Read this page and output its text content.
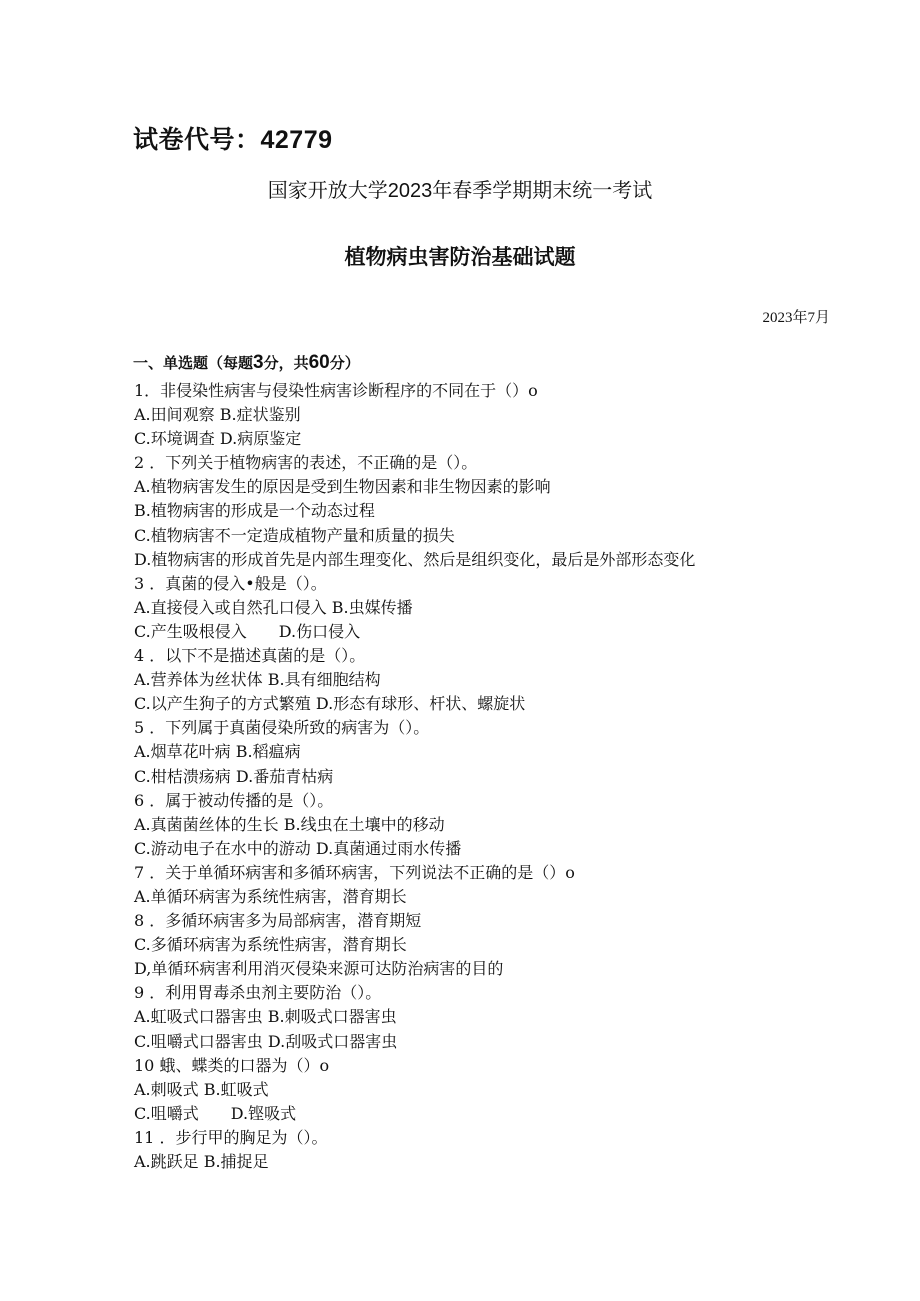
试卷代号：42779
国家开放大学2023年春季学期期末统一考试
植物病虫害防治基础试题
2023年7月
一、单选题（每题3分，共60分）
1．非侵染性病害与侵染性病害诊断程序的不同在于（）o
A.田间观察 B.症状鉴别
C.环境调查 D.病原鉴定
2 ．下列关于植物病害的表述，不正确的是（）。
A.植物病害发生的原因是受到生物因素和非生物因素的影响
B.植物病害的形成是一个动态过程
C.植物病害不一定造成植物产量和质量的损失
D.植物病害的形成首先是内部生理变化、然后是组织变化，最后是外部形态变化
3 ．真菌的侵入•般是（）。
A.直接侵入或自然孔口侵入 B.虫媒传播
C.产生吸根侵入　　D.伤口侵入
4 ．以下不是描述真菌的是（）。
A.营养体为丝状体 B.具有细胞结构
C.以产生狗子的方式繁殖 D.形态有球形、杆状、螺旋状
5 ．下列属于真菌侵染所致的病害为（）。
A.烟草花叶病 B.稻瘟病
C.柑桔溃疡病 D.番茄青枯病
6 ．属于被动传播的是（）。
A.真菌菌丝体的生长 B.线虫在土壤中的移动
C.游动电子在水中的游动 D.真菌通过雨水传播
7 ．关于单循环病害和多循环病害，下列说法不正确的是（）o
A.单循环病害为系统性病害，潜育期长
8 ．多循环病害多为局部病害，潜育期短
C.多循环病害为系统性病害，潜育期长
D,单循环病害利用消灭侵染来源可达防治病害的目的
9 ．利用胃毒杀虫剂主要防治（）。
A.虹吸式口器害虫 B.刺吸式口器害虫
C.咀嚼式口器害虫 D.刮吸式口器害虫
10 蛾、蝶类的口器为（）o
A.刺吸式 B.虹吸式
C.咀嚼式　　D.铿吸式
11 ．步行甲的胸足为（）。
A.跳跃足 B.捕捉足
